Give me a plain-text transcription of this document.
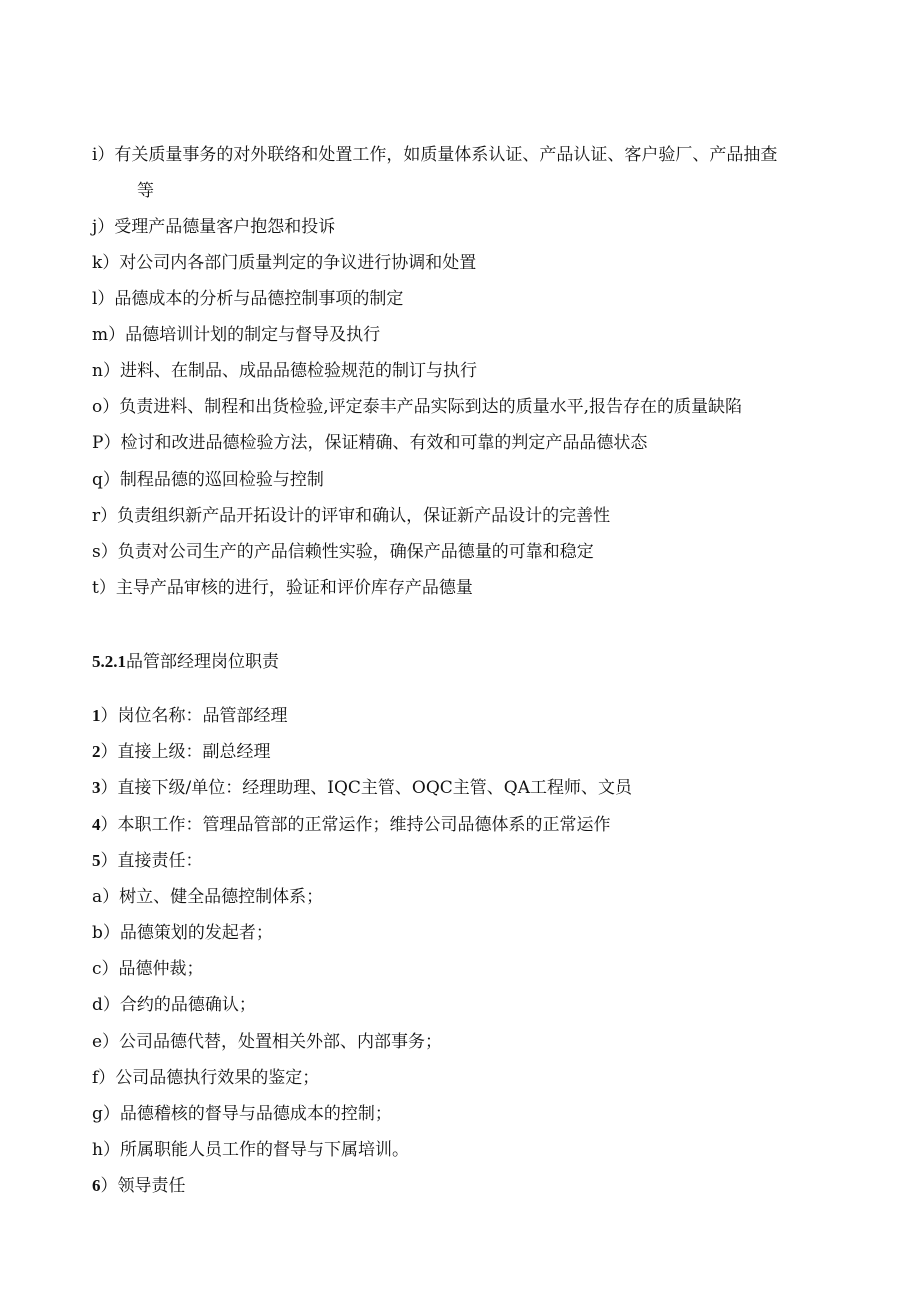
i）有关质量事务的对外联络和处置工作，如质量体系认证、产品认证、客户验厂、产品抽查
等
j）受理产品德量客户抱怨和投诉
k）对公司内各部门质量判定的争议进行协调和处置
l）品德成本的分析与品德控制事项的制定
m）品德培训计划的制定与督导及执行
n）进料、在制品、成品品德检验规范的制订与执行
o）负责进料、制程和出货检验,评定泰丰产品实际到达的质量水平,报告存在的质量缺陷
P）检讨和改进品德检验方法，保证精确、有效和可靠的判定产品品德状态
q）制程品德的巡回检验与控制
r）负责组织新产品开拓设计的评审和确认，保证新产品设计的完善性
s）负责对公司生产的产品信赖性实验，确保产品德量的可靠和稳定
t）主导产品审核的进行，验证和评价库存产品德量
5.2.1品管部经理岗位职责
1）岗位名称：品管部经理
2）直接上级：副总经理
3）直接下级/单位：经理助理、IQC主管、OQC主管、QA工程师、文员
4）本职工作：管理品管部的正常运作；维持公司品德体系的正常运作
5）直接责任：
a）树立、健全品德控制体系；
b）品德策划的发起者；
c）品德仲裁；
d）合约的品德确认；
e）公司品德代替，处置相关外部、内部事务；
f）公司品德执行效果的鉴定；
g）品德稽核的督导与品德成本的控制；
h）所属职能人员工作的督导与下属培训。
6）领导责任
